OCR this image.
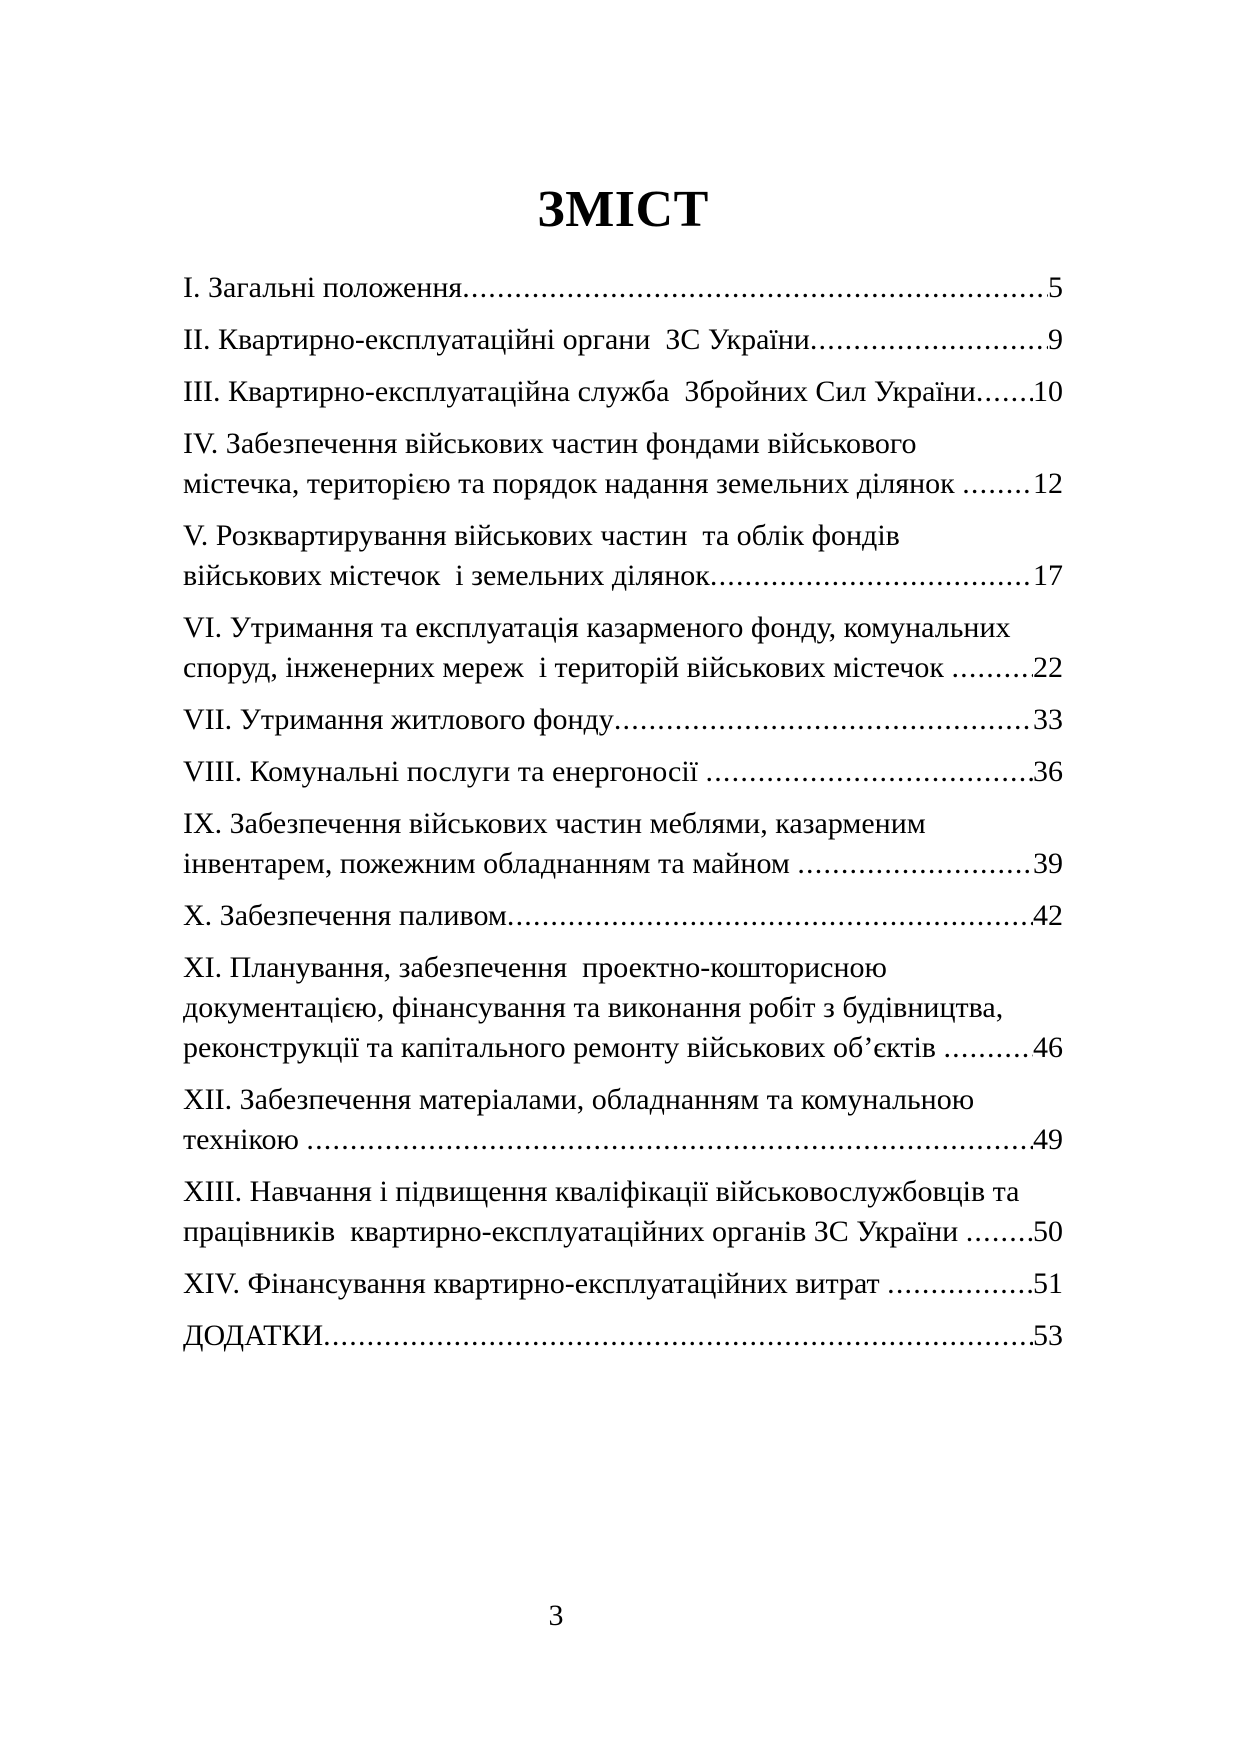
ЗМІСТ
I. Загальні положення .....	5
II. Квартирно-експлуатаційні органи  ЗС України .....	9
III. Квартирно-експлуатаційна служба  Збройних Сил України ..... 10
IV. Забезпечення військових частин фондами військового
містечка, територією та порядок надання земельних ділянок ..... 12
V. Розквартирування військових частин  та облік фондів
військових містечок  і земельних ділянок .....	17
VI. Утримання та експлуатація казарменого фонду, комунальних
споруд, інженерних мереж  і територій військових містечок .....	22
VII. Утримання житлового фонду .....	33
VIII. Комунальні послуги та енергоносії .....	36
IX. Забезпечення військових частин меблями, казарменим
інвентарем, пожежним обладнанням та майном .....	39
X. Забезпечення паливом .....	42
XI. Планування, забезпечення  проектно-кошторисною
документацією, фінансування та виконання робіт з будівництва,
реконструкції та капітального ремонту військових об’єктів .....	46
XII. Забезпечення матеріалами, обладнанням та комунальною
технікою .....	49
XIII. Навчання і підвищення кваліфікації військовослужбовців та
працівників  квартирно-експлуатаційних органів ЗС України ..... 50
XIV. Фінансування квартирно-експлуатаційних витрат .....	51
ДОДАТКИ .....	53
3
